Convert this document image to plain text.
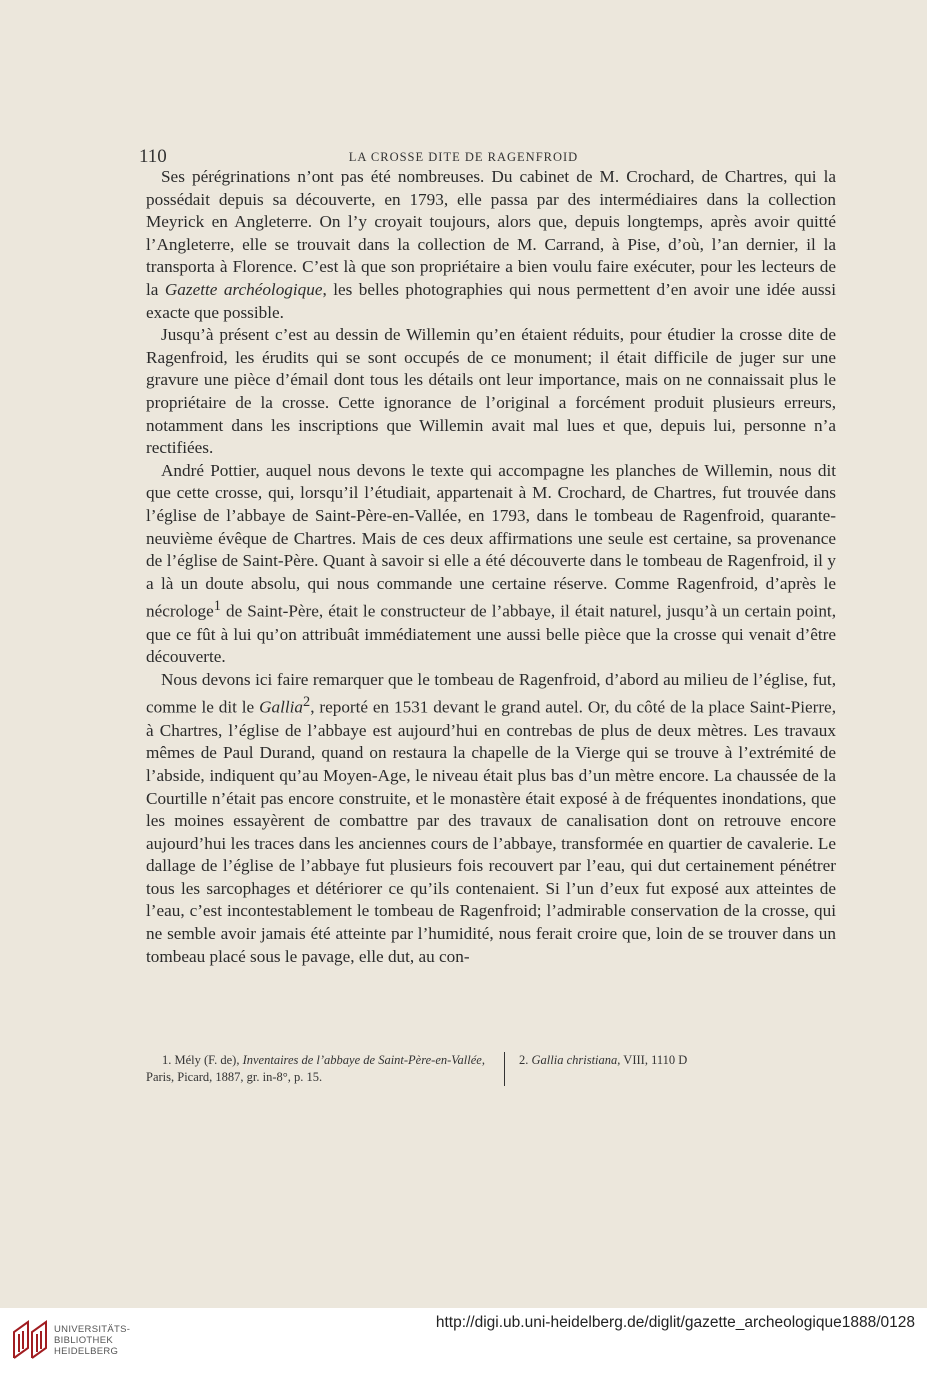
110	LA CROSSE DITE DE RAGENFROID

Ses pérégrinations n’ont pas été nombreuses. Du cabinet de M. Crochard, de Chartres, qui la possédait depuis sa découverte, en 1793, elle passa par des intermédiaires dans la collection Meyrick en Angleterre. On l’y croyait toujours, alors que, depuis longtemps, après avoir quitté l’Angleterre, elle se trouvait dans la collection de M. Carrand, à Pise, d’où, l’an dernier, il la transporta à Florence. C’est là que son propriétaire a bien voulu faire exécuter, pour les lecteurs de la Gazette archéologique, les belles photographies qui nous permettent d’en avoir une idée aussi exacte que possible.

Jusqu’à présent c’est au dessin de Willemin qu’en étaient réduits, pour étudier la crosse dite de Ragenfroid, les érudits qui se sont occupés de ce monument; il était difficile de juger sur une gravure une pièce d’émail dont tous les détails ont leur importance, mais on ne connaissait plus le propriétaire de la crosse. Cette ignorance de l’original a forcément produit plusieurs erreurs, notamment dans les inscriptions que Willemin avait mal lues et que, depuis lui, personne n’a rectifiées.

André Pottier, auquel nous devons le texte qui accompagne les planches de Willemin, nous dit que cette crosse, qui, lorsqu’il l’étudiait, appartenait à M. Crochard, de Chartres, fut trouvée dans l’église de l’abbaye de Saint-Père-en-Vallée, en 1793, dans le tombeau de Ragenfroid, quarante-neuvième évêque de Chartres. Mais de ces deux affirmations une seule est certaine, sa provenance de l’église de Saint-Père. Quant à savoir si elle a été découverte dans le tombeau de Ragenfroid, il y a là un doute absolu, qui nous commande une certaine réserve. Comme Ragenfroid, d’après le nécrologe$^1$ de Saint-Père, était le constructeur de l’abbaye, il était naturel, jusqu’à un certain point, que ce fût à lui qu’on attribuât immédiatement une aussi belle pièce que la crosse qui venait d’être découverte.

Nous devons ici faire remarquer que le tombeau de Ragenfroid, d’abord au milieu de l’église, fut, comme le dit le Gallia$^2$, reporté en 1531 devant le grand autel. Or, du côté de la place Saint-Pierre, à Chartres, l’église de l’abbaye est aujourd’hui en contrebas de plus de deux mètres. Les travaux mêmes de Paul Durand, quand on restaura la chapelle de la Vierge qui se trouve à l’extrémité de l’abside, indiquent qu’au Moyen-Age, le niveau était plus bas d’un mètre encore. La chaussée de la Courtille n’était pas encore construite, et le monastère était exposé à de fréquentes inondations, que les moines essayèrent de combattre par des travaux de canalisation dont on retrouve encore aujourd’hui les traces dans les anciennes cours de l’abbaye, transformée en quartier de cavalerie. Le dallage de l’église de l’abbaye fut plusieurs fois recouvert par l’eau, qui dut certainement pénétrer tous les sarcophages et détériorer ce qu’ils contenaient. Si l’un d’eux fut exposé aux atteintes de l’eau, c’est incontestablement le tombeau de Ragenfroid; l’admirable conservation de la crosse, qui ne semble avoir jamais été atteinte par l’humidité, nous ferait croire que, loin de se trouver dans un tombeau placé sous le pavage, elle dut, au con-

1. Mély (F. de), Inventaires de l’abbaye de Saint-Père-en-Vallée, Paris, Picard, 1887, gr. in-8°, p. 15.
2. Gallia christiana, VIII, 1110 D
UNIVERSITÄTS-
BIBLIOTHEK
HEIDELBERG
http://digi.ub.uni-heidelberg.de/diglit/gazette_archeologique1888/0128
